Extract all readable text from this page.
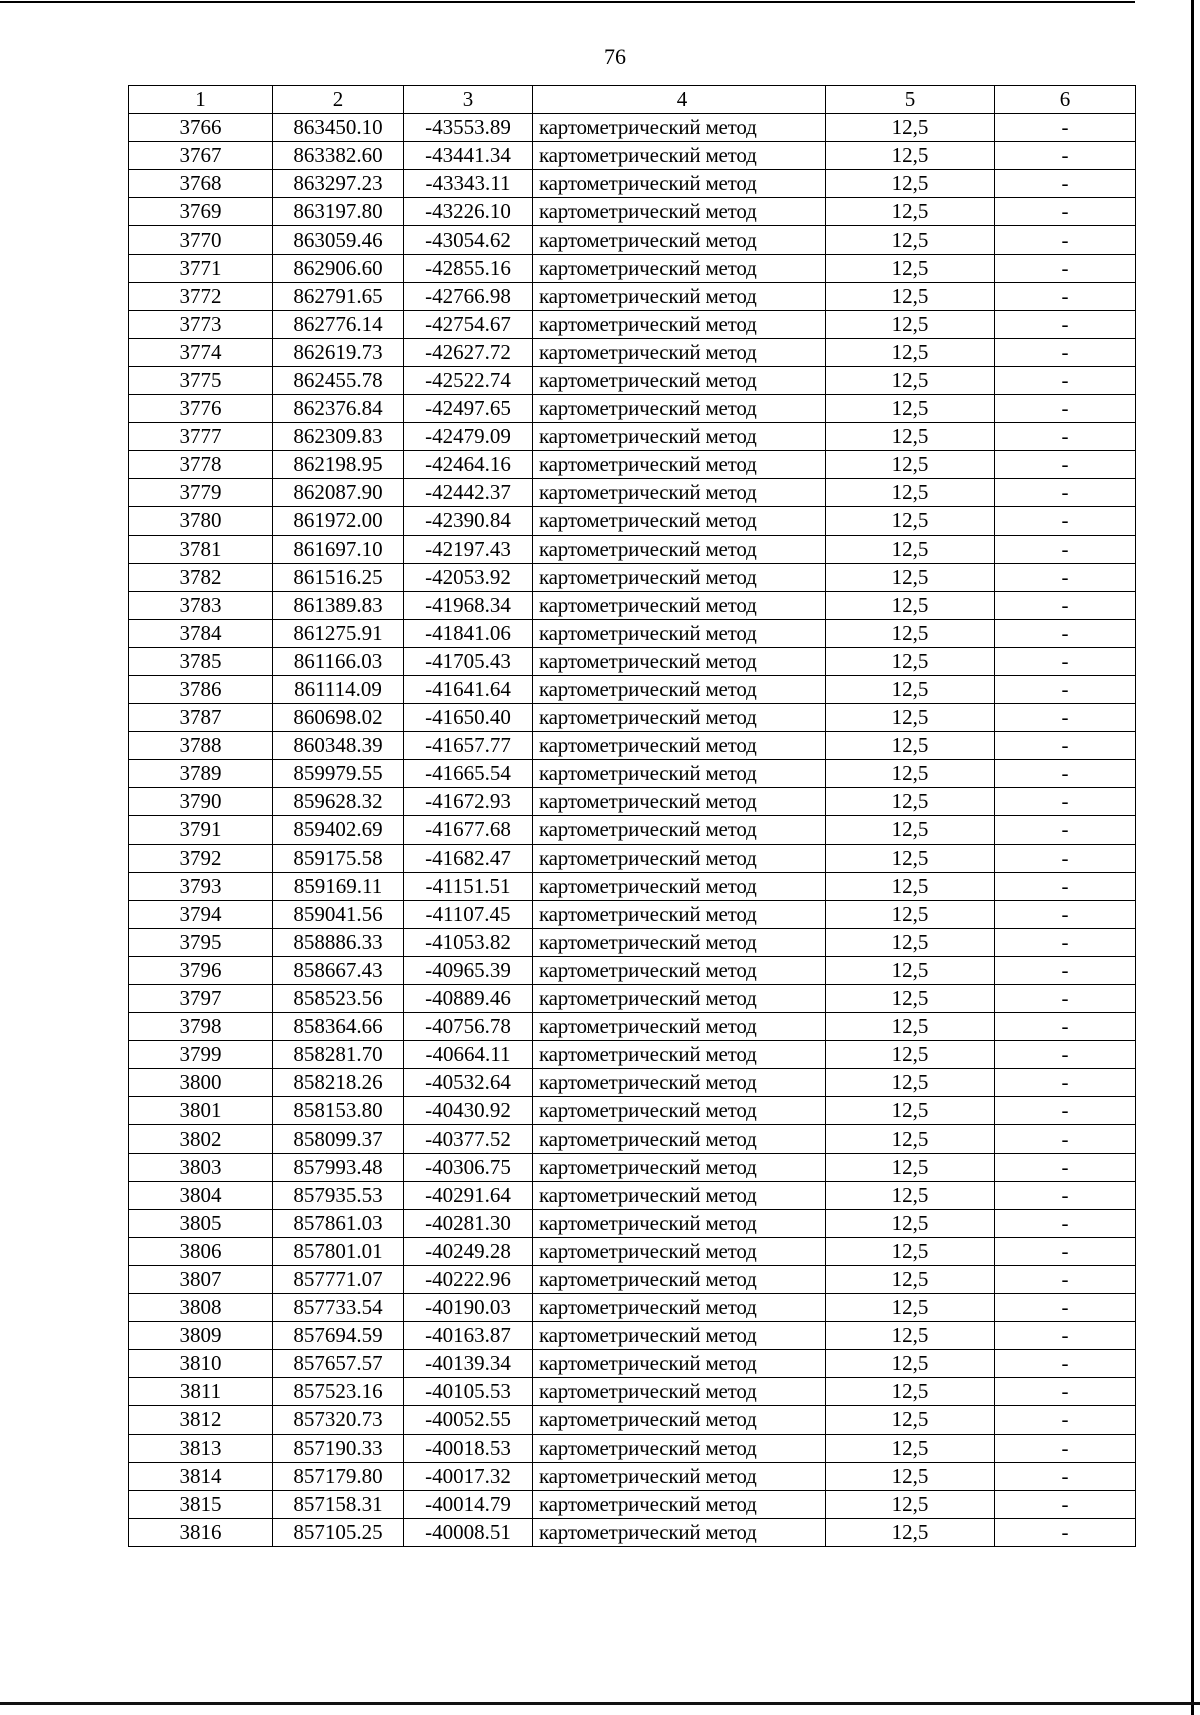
76
1	2	3	4	5	6
3766	863450.10	-43553.89	картометрический метод	12,5	-
3767	863382.60	-43441.34	картометрический метод	12,5	-
3768	863297.23	-43343.11	картометрический метод	12,5	-
3769	863197.80	-43226.10	картометрический метод	12,5	-
3770	863059.46	-43054.62	картометрический метод	12,5	-
3771	862906.60	-42855.16	картометрический метод	12,5	-
3772	862791.65	-42766.98	картометрический метод	12,5	-
3773	862776.14	-42754.67	картометрический метод	12,5	-
3774	862619.73	-42627.72	картометрический метод	12,5	-
3775	862455.78	-42522.74	картометрический метод	12,5	-
3776	862376.84	-42497.65	картометрический метод	12,5	-
3777	862309.83	-42479.09	картометрический метод	12,5	-
3778	862198.95	-42464.16	картометрический метод	12,5	-
3779	862087.90	-42442.37	картометрический метод	12,5	-
3780	861972.00	-42390.84	картометрический метод	12,5	-
3781	861697.10	-42197.43	картометрический метод	12,5	-
3782	861516.25	-42053.92	картометрический метод	12,5	-
3783	861389.83	-41968.34	картометрический метод	12,5	-
3784	861275.91	-41841.06	картометрический метод	12,5	-
3785	861166.03	-41705.43	картометрический метод	12,5	-
3786	861114.09	-41641.64	картометрический метод	12,5	-
3787	860698.02	-41650.40	картометрический метод	12,5	-
3788	860348.39	-41657.77	картометрический метод	12,5	-
3789	859979.55	-41665.54	картометрический метод	12,5	-
3790	859628.32	-41672.93	картометрический метод	12,5	-
3791	859402.69	-41677.68	картометрический метод	12,5	-
3792	859175.58	-41682.47	картометрический метод	12,5	-
3793	859169.11	-41151.51	картометрический метод	12,5	-
3794	859041.56	-41107.45	картометрический метод	12,5	-
3795	858886.33	-41053.82	картометрический метод	12,5	-
3796	858667.43	-40965.39	картометрический метод	12,5	-
3797	858523.56	-40889.46	картометрический метод	12,5	-
3798	858364.66	-40756.78	картометрический метод	12,5	-
3799	858281.70	-40664.11	картометрический метод	12,5	-
3800	858218.26	-40532.64	картометрический метод	12,5	-
3801	858153.80	-40430.92	картометрический метод	12,5	-
3802	858099.37	-40377.52	картометрический метод	12,5	-
3803	857993.48	-40306.75	картометрический метод	12,5	-
3804	857935.53	-40291.64	картометрический метод	12,5	-
3805	857861.03	-40281.30	картометрический метод	12,5	-
3806	857801.01	-40249.28	картометрический метод	12,5	-
3807	857771.07	-40222.96	картометрический метод	12,5	-
3808	857733.54	-40190.03	картометрический метод	12,5	-
3809	857694.59	-40163.87	картометрический метод	12,5	-
3810	857657.57	-40139.34	картометрический метод	12,5	-
3811	857523.16	-40105.53	картометрический метод	12,5	-
3812	857320.73	-40052.55	картометрический метод	12,5	-
3813	857190.33	-40018.53	картометрический метод	12,5	-
3814	857179.80	-40017.32	картометрический метод	12,5	-
3815	857158.31	-40014.79	картометрический метод	12,5	-
3816	857105.25	-40008.51	картометрический метод	12,5	-
